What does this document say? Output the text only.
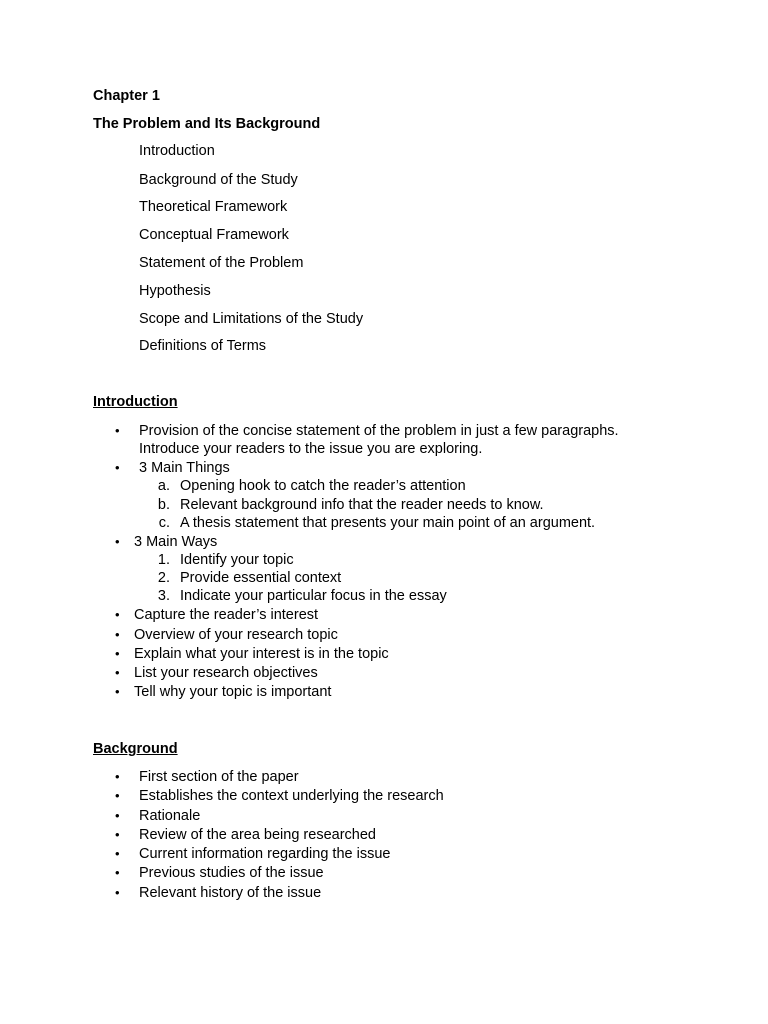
Chapter 1
The Problem and Its Background
Introduction
Background of the Study
Theoretical Framework
Conceptual Framework
Statement of the Problem
Hypothesis
Scope and Limitations of the Study
Definitions of Terms
Introduction
• Provision of the concise statement of the problem in just a few paragraphs.
Introduce your readers to the issue you are exploring.
• 3 Main Things
a. Opening hook to catch the reader’s attention
b. Relevant background info that the reader needs to know.
c. A thesis statement that presents your main point of an argument.
• 3 Main Ways
1. Identify your topic
2. Provide essential context
3. Indicate your particular focus in the essay
• Capture the reader’s interest
• Overview of your research topic
• Explain what your interest is in the topic
• List your research objectives
• Tell why your topic is important
Background
• First section of the paper
• Establishes the context underlying the research
• Rationale
• Review of the area being researched
• Current information regarding the issue
• Previous studies of the issue
• Relevant history of the issue
